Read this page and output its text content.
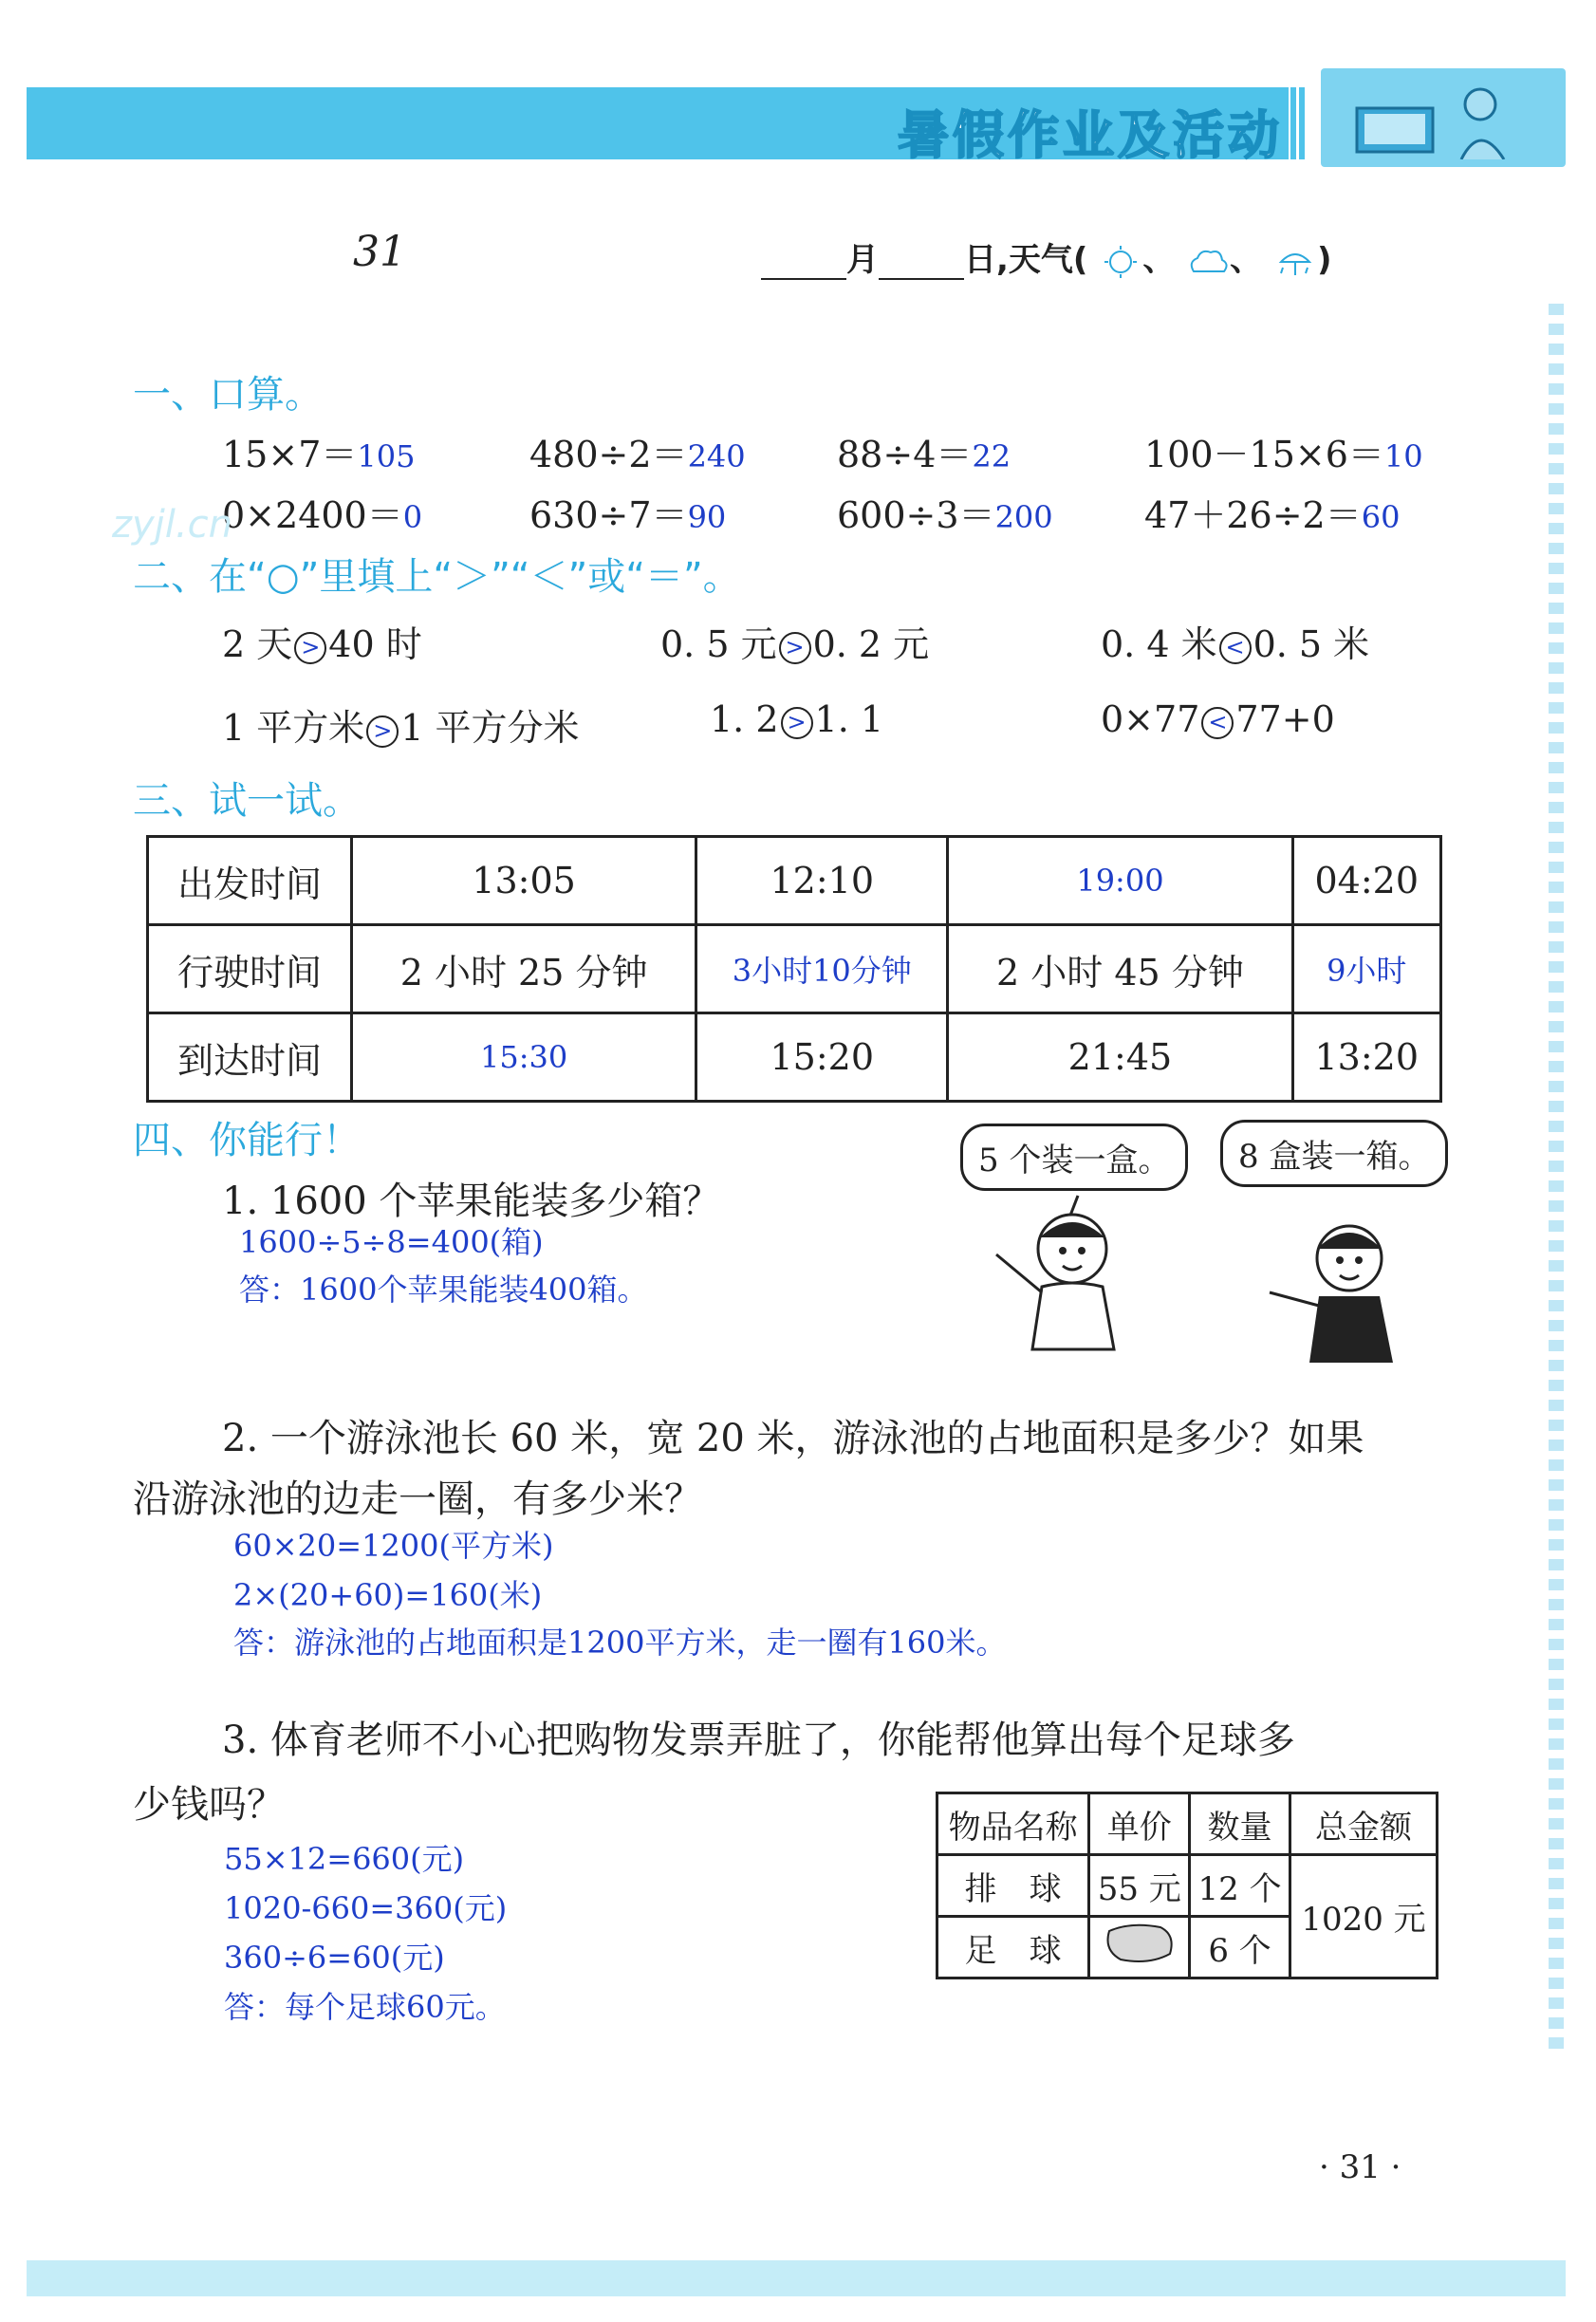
暑假作业及活动
31	月	日,天气( 、 、 )
一、口算。
15×7＝105	480÷2＝240	88÷4＝22	100－15×6＝10
0×2400＝0	630÷7＝90	600÷3＝200	47＋26÷2＝60
zyjl.cn
二、在“○”里填上“＞”“＜”或“＝”。
2 天 > 40 时	0. 5 元 > 0. 2 元	0. 4 米 < 0. 5 米
1 平方米 > 1 平方分米	1. 2 > 1. 1	0×77 < 77+0
三、试一试。
出发时间	13:05	12:10	19:00	04:20
行驶时间	2 小时 25 分钟	3小时10分钟	2 小时 45 分钟	9小时
到达时间	15:30	15:20	21:45	13:20
四、你能行！	5 个装一盒。	8 盒装一箱。
1. 1600 个苹果能装多少箱？
1600÷5÷8=400(箱)
答：1600个苹果能装400箱。
2. 一个游泳池长 60 米，宽 20 米，游泳池的占地面积是多少？如果
沿游泳池的边走一圈，有多少米？
60×20=1200(平方米)
2×(20+60)=160(米)
答：游泳池的占地面积是1200平方米，走一圈有160米。
3. 体育老师不小心把购物发票弄脏了，你能帮他算出每个足球多
少钱吗？
55×12=660(元)
1020-660=360(元)
360÷6=60(元)
答：每个足球60元。
物品名称	单价	数量	总金额
排　球	55 元	12 个	1020 元
足　球		6 个	
· 31 ·
